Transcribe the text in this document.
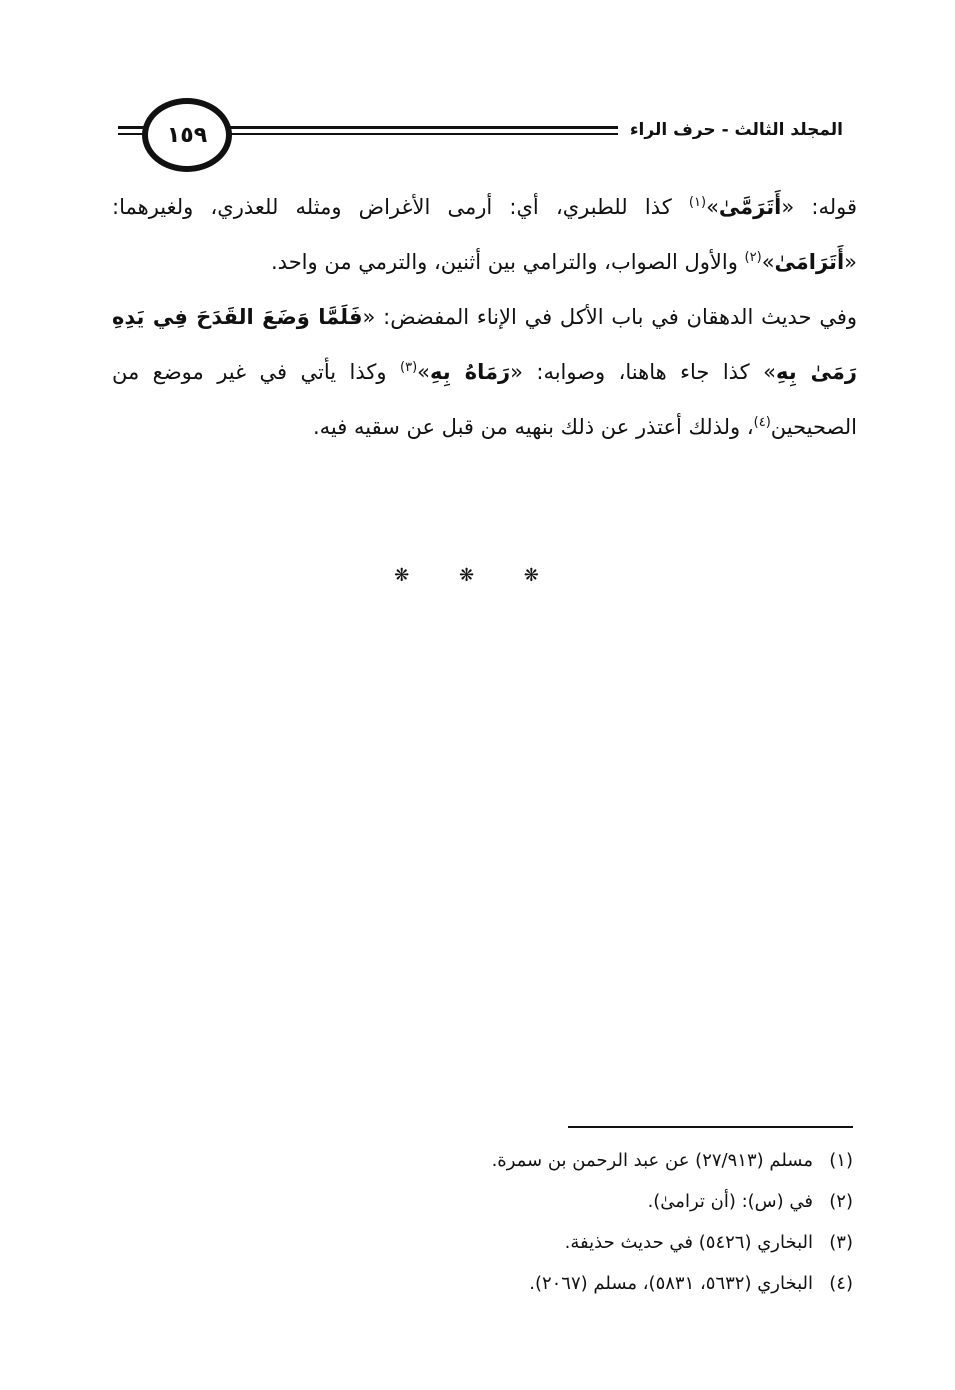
١٥٩	المجلد الثالث - حرف الراء

قوله: «أَتَرَمَّىٰ»$^{(١)}$ كذا للطبري، أي: أرمى الأغراض ومثله للعذري، ولغيرهما: «أَتَرَامَىٰ»$^{(٢)}$ والأول الصواب، والترامي بين أثنين، والترمي من واحد.

وفي حديث الدهقان في باب الأكل في الإناء المفضض: «فَلَمَّا وَضَعَ القَدَحَ فِي يَدِهِ رَمَىٰ بِهِ» كذا جاء هاهنا، وصوابه: «رَمَاهُ بِهِ»$^{(٣)}$ وكذا يأتي في غير موضع من الصحيحين$^{(٤)}$، ولذلك أعتذر عن ذلك بنهيه من قبل عن سقيه فيه.

❋ ❋ ❋
(١)
مسلم (٢٧/٩١٣) عن عبد الرحمن بن سمرة.
(٢)
في (س): (أن ترامىٰ).
(٣)
البخاري (٥٤٢٦) في حديث حذيفة.
(٤)
البخاري (٥٦٣٢، ٥٨٣١)، مسلم (٢٠٦٧).
